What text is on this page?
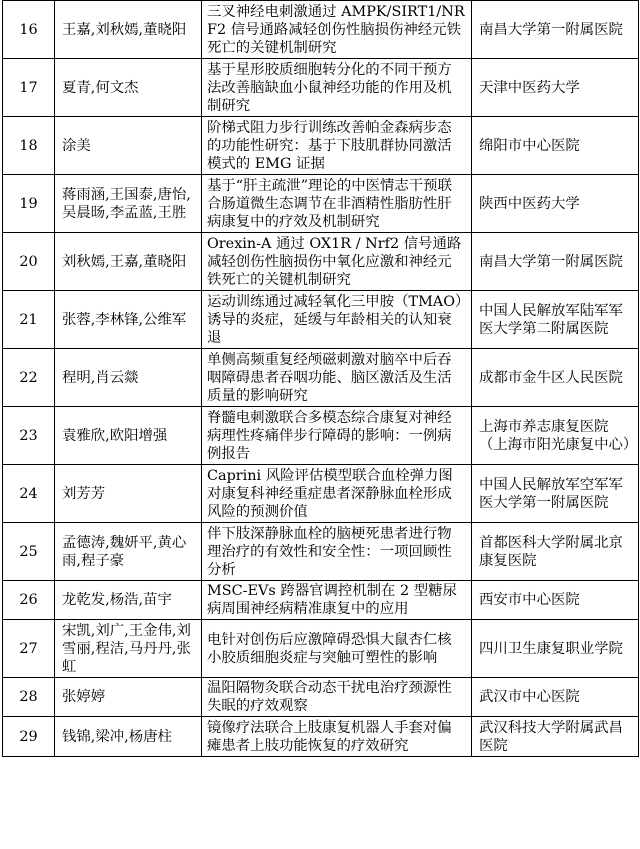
16	王嘉,刘秋嫣,董晓阳	三叉神经电刺激通过 AMPK/SIRT1/NRF2 信号通路减轻创伤性脑损伤神经元铁死亡的关键机制研究	南昌大学第一附属医院
17	夏青,何文杰	基于星形胶质细胞转分化的不同干预方法改善脑缺血小鼠神经功能的作用及机制研究	天津中医药大学
18	涂美	阶梯式阻力步行训练改善帕金森病步态的功能性研究：基于下肢肌群协同激活模式的 EMG 证据	绵阳市中心医院
19	蒋雨涵,王国泰,唐怡,吴晨旸,李孟蓝,王胜	基于“肝主疏泄”理论的中医情志干预联合肠道微生态调节在非酒精性脂肪性肝病康复中的疗效及机制研究	陕西中医药大学
20	刘秋嫣,王嘉,董晓阳	Orexin-A 通过 OX1R / Nrf2 信号通路减轻创伤性脑损伤中氧化应激和神经元铁死亡的关键机制研究	南昌大学第一附属医院
21	张蓉,李林锋,公维军	运动训练通过减轻氧化三甲胺（TMAO）诱导的炎症，延缓与年龄相关的认知衰退	中国人民解放军陆军军医大学第二附属医院
22	程明,肖云燚	单侧高频重复经颅磁刺激对脑卒中后吞咽障碍患者吞咽功能、脑区激活及生活质量的影响研究	成都市金牛区人民医院
23	袁雅欣,欧阳增强	脊髓电刺激联合多模态综合康复对神经病理性疼痛伴步行障碍的影响：一例病例报告	上海市养志康复医院（上海市阳光康复中心）
24	刘芳芳	Caprini 风险评估模型联合血栓弹力图对康复科神经重症患者深静脉血栓形成风险的预测价值	中国人民解放军空军军医大学第一附属医院
25	孟德涛,魏妍平,黄心雨,程子豪	伴下肢深静脉血栓的脑梗死患者进行物理治疗的有效性和安全性：一项回顾性分析	首都医科大学附属北京康复医院
26	龙乾发,杨浩,苗宇	MSC-EVs 跨器官调控机制在 2 型糖尿病周围神经病精准康复中的应用	西安市中心医院
27	宋凯,刘广,王金伟,刘雪丽,程洁,马丹丹,张虹	电针对创伤后应激障碍恐惧大鼠杏仁核小胶质细胞炎症与突触可塑性的影响	四川卫生康复职业学院
28	张婷婷	温阳隔物灸联合动态干扰电治疗颈源性失眠的疗效观察	武汉市中心医院
29	钱锦,梁冲,杨唐柱	镜像疗法联合上肢康复机器人手套对偏瘫患者上肢功能恢复的疗效研究	武汉科技大学附属武昌医院
